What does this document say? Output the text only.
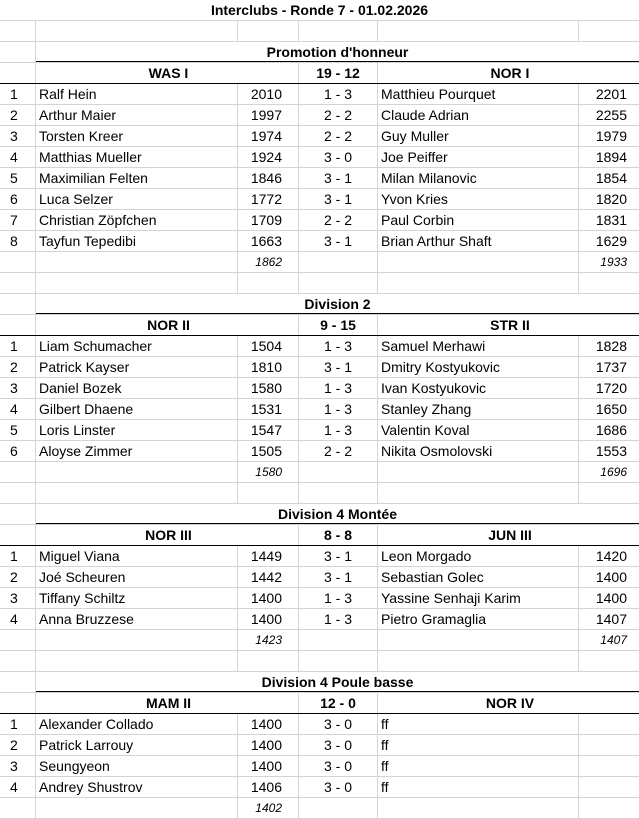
Interclubs - Ronde 7 - 01.02.2026
Promotion d'honneur
WAS I	19 - 12	NOR I
1	Ralf Hein	2010	1 - 3	Matthieu Pourquet	2201
2	Arthur Maier	1997	2 - 2	Claude Adrian	2255
3	Torsten Kreer	1974	2 - 2	Guy Muller	1979
4	Matthias Mueller	1924	3 - 0	Joe Peiffer	1894
5	Maximilian Felten	1846	3 - 1	Milan Milanovic	1854
6	Luca Selzer	1772	3 - 1	Yvon Kries	1820
7	Christian Zöpfchen	1709	2 - 2	Paul Corbin	1831
8	Tayfun Tepedibi	1663	3 - 1	Brian Arthur Shaft	1629
1862	1933
Division 2
NOR II	9 - 15	STR II
1	Liam Schumacher	1504	1 - 3	Samuel Merhawi	1828
2	Patrick Kayser	1810	3 - 1	Dmitry Kostyukovic	1737
3	Daniel Bozek	1580	1 - 3	Ivan Kostyukovic	1720
4	Gilbert Dhaene	1531	1 - 3	Stanley Zhang	1650
5	Loris Linster	1547	1 - 3	Valentin Koval	1686
6	Aloyse Zimmer	1505	2 - 2	Nikita Osmolovski	1553
1580	1696
Division 4 Montée
NOR III	8 - 8	JUN III
1	Miguel Viana	1449	3 - 1	Leon Morgado	1420
2	Joé Scheuren	1442	3 - 1	Sebastian Golec	1400
3	Tiffany Schiltz	1400	1 - 3	Yassine Senhaji Karim	1400
4	Anna Bruzzese	1400	1 - 3	Pietro Gramaglia	1407
1423	1407
Division 4 Poule basse
MAM II	12 - 0	NOR IV
1	Alexander Collado	1400	3 - 0	ff
2	Patrick Larrouy	1400	3 - 0	ff
3	Seungyeon	1400	3 - 0	ff
4	Andrey Shustrov	1406	3 - 0	ff
1402
